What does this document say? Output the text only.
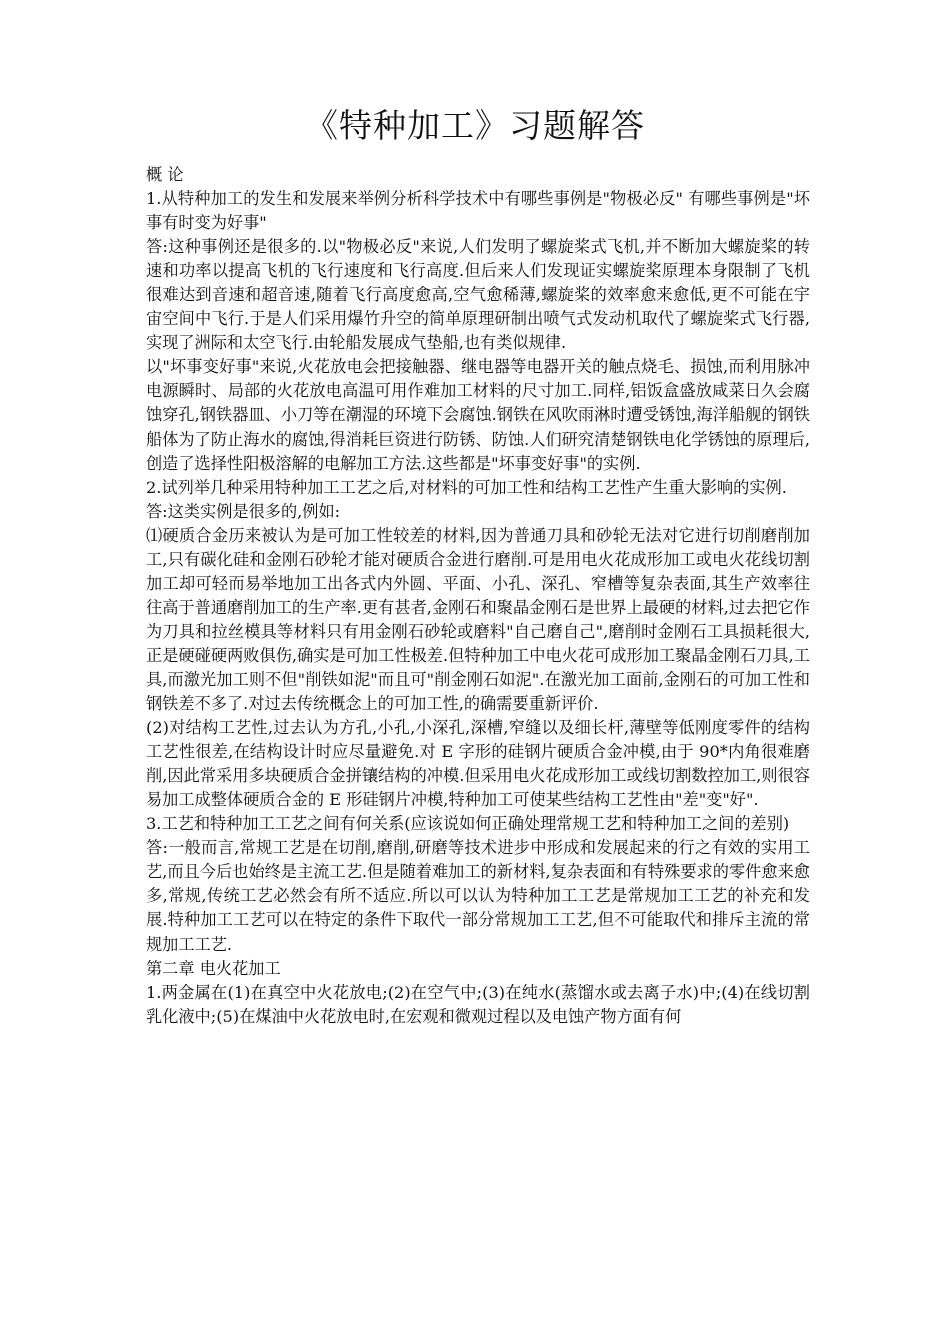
《特种加工》习题解答

概 论

1.从特种加工的发生和发展来举例分析科学技术中有哪些事例是"物极必反" 有哪些事例是"坏事有时变为好事"

答:这种事例还是很多的.以"物极必反"来说,人们发明了螺旋桨式飞机,并不断加大螺旋桨的转速和功率以提高飞机的飞行速度和飞行高度.但后来人们发现证实螺旋桨原理本身限制了飞机很难达到音速和超音速,随着飞行高度愈高,空气愈稀薄,螺旋桨的效率愈来愈低,更不可能在宇宙空间中飞行.于是人们采用爆竹升空的简单原理研制出喷气式发动机取代了螺旋桨式飞行器,实现了洲际和太空飞行.由轮船发展成气垫船,也有类似规律.

以"坏事变好事"来说,火花放电会把接触器、继电器等电器开关的触点烧毛、损蚀,而利用脉冲电源瞬时、局部的火花放电高温可用作难加工材料的尺寸加工.同样,铝饭盒盛放咸菜日久会腐蚀穿孔,钢铁器皿、小刀等在潮湿的环境下会腐蚀.钢铁在风吹雨淋时遭受锈蚀,海洋船舰的钢铁船体为了防止海水的腐蚀,得消耗巨资进行防锈、防蚀.人们研究清楚钢铁电化学锈蚀的原理后,创造了选择性阳极溶解的电解加工方法.这些都是"坏事变好事"的实例.

2.试列举几种采用特种加工工艺之后,对材料的可加工性和结构工艺性产生重大影响的实例.

答:这类实例是很多的,例如:

⑴硬质合金历来被认为是可加工性较差的材料,因为普通刀具和砂轮无法对它进行切削磨削加工,只有碳化硅和金刚石砂轮才能对硬质合金进行磨削.可是用电火花成形加工或电火花线切割加工却可轻而易举地加工出各式内外圆、平面、小孔、深孔、窄槽等复杂表面,其生产效率往往高于普通磨削加工的生产率.更有甚者,金刚石和聚晶金刚石是世界上最硬的材料,过去把它作为刀具和拉丝模具等材料只有用金刚石砂轮或磨料"自己磨自己",磨削时金刚石工具损耗很大,正是硬碰硬两败俱伤,确实是可加工性极差.但特种加工中电火花可成形加工聚晶金刚石刀具,工具,而激光加工则不但"削铁如泥"而且可"削金刚石如泥".在激光加工面前,金刚石的可加工性和钢铁差不多了.对过去传统概念上的可加工性,的确需要重新评价.

(2)对结构工艺性,过去认为方孔,小孔,小深孔,深槽,窄缝以及细长杆,薄壁等低刚度零件的结构工艺性很差,在结构设计时应尽量避免.对 E 字形的硅钢片硬质合金冲模,由于 90*内角很难磨削,因此常采用多块硬质合金拼镶结构的冲模.但采用电火花成形加工或线切割数控加工,则很容易加工成整体硬质合金的 E 形硅钢片冲模,特种加工可使某些结构工艺性由"差"变"好".

3.工艺和特种加工工艺之间有何关系(应该说如何正确处理常规工艺和特种加工之间的差别)

答:一般而言,常规工艺是在切削,磨削,研磨等技术进步中形成和发展起来的行之有效的实用工艺,而且今后也始终是主流工艺.但是随着难加工的新材料,复杂表面和有特殊要求的零件愈来愈多,常规,传统工艺必然会有所不适应.所以可以认为特种加工工艺是常规加工工艺的补充和发展.特种加工工艺可以在特定的条件下取代一部分常规加工工艺,但不可能取代和排斥主流的常规加工工艺.

第二章 电火花加工

1.两金属在(1)在真空中火花放电;(2)在空气中;(3)在纯水(蒸馏水或去离子水)中;(4)在线切割乳化液中;(5)在煤油中火花放电时,在宏观和微观过程以及电蚀产物方面有何
